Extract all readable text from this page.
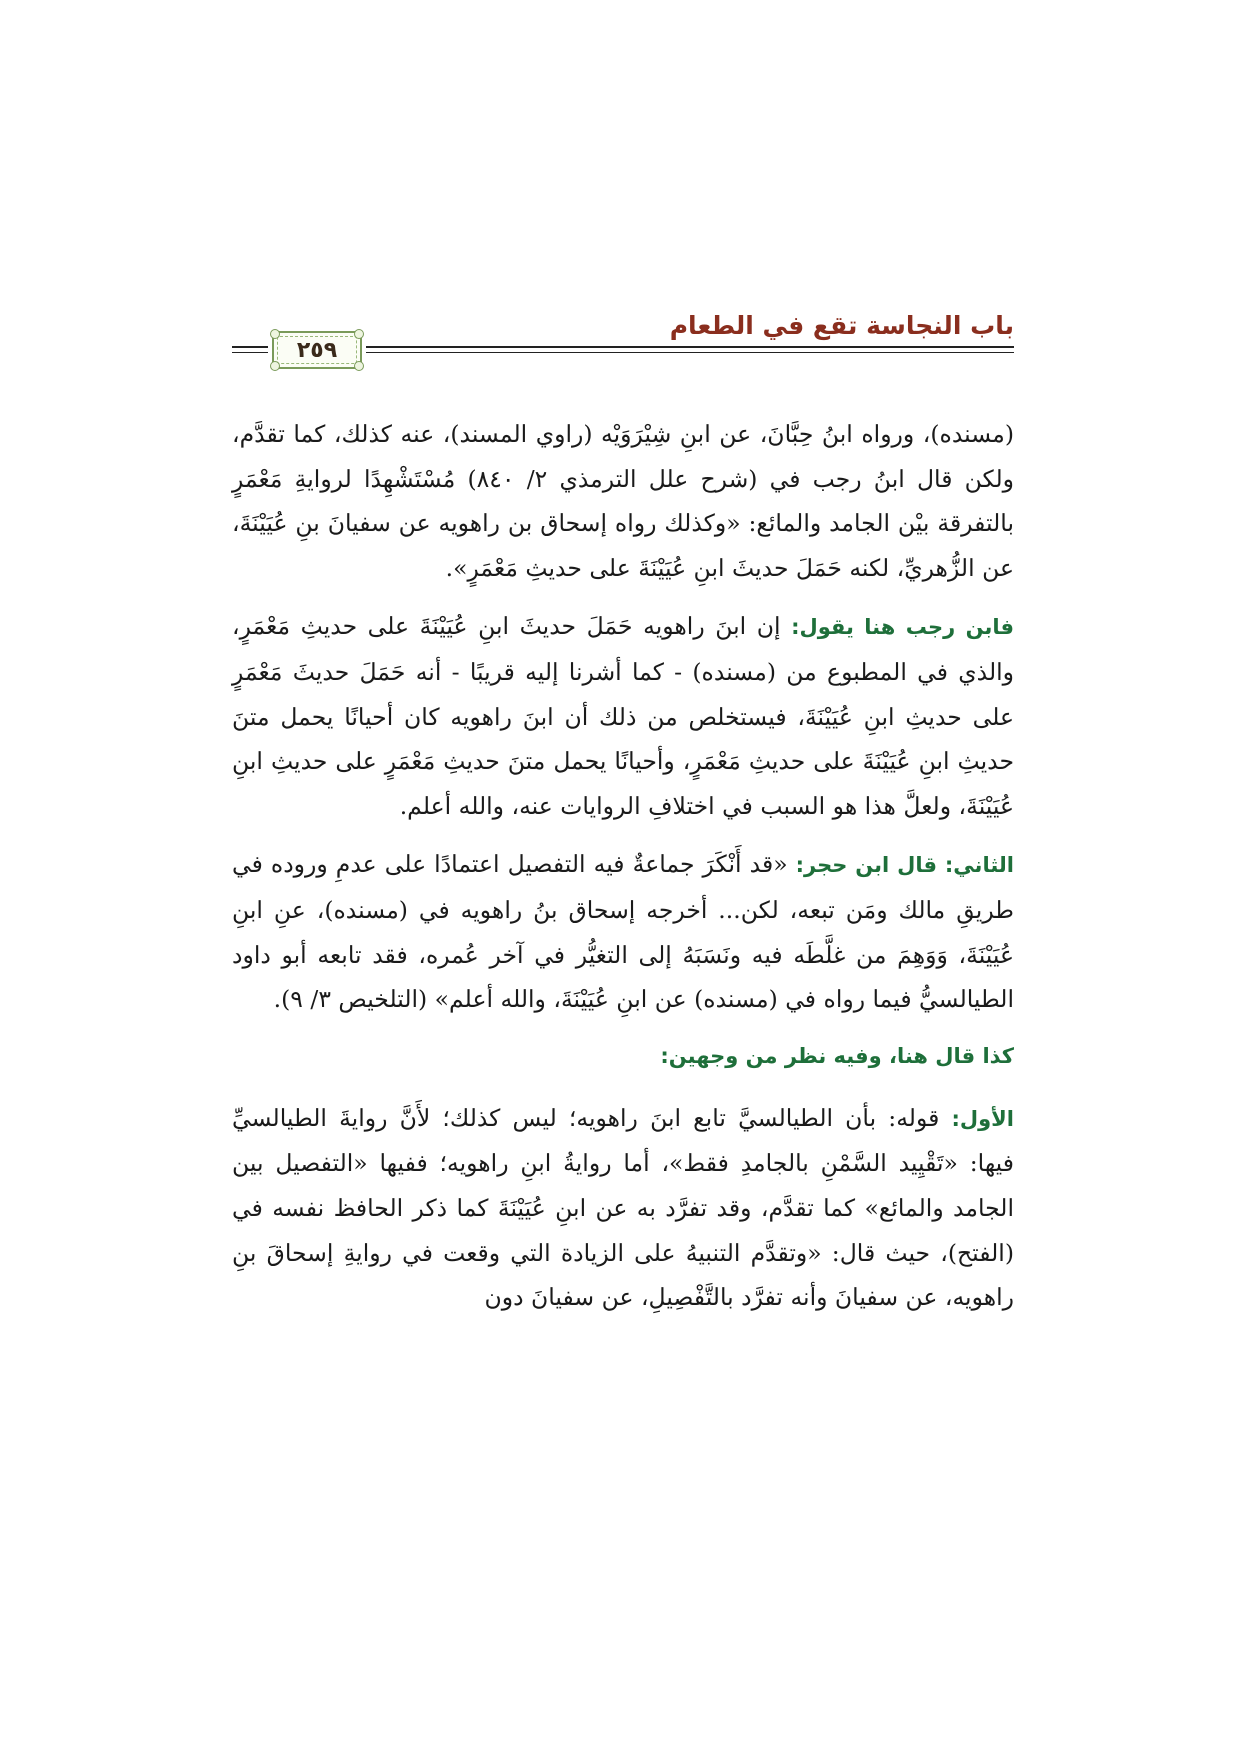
باب النجاسة تقع في الطعام
٢٥٩

(مسنده)، ورواه ابنُ حِبَّانَ، عن ابنِ شِيْرَوَيْه (راوي المسند)، عنه كذلك، كما تقدَّم، ولكن قال ابنُ رجب في (شرح علل الترمذي ٢/ ٨٤٠) مُسْتَشْهِدًا لروايةِ مَعْمَرٍ بالتفرقة بيْن الجامد والمائع: «وكذلك رواه إسحاق بن راهويه عن سفيانَ بنِ عُيَيْنَةَ، عن الزُّهريِّ، لكنه حَمَلَ حديثَ ابنِ عُيَيْنَةَ على حديثِ مَعْمَرٍ».

فابن رجب هنا يقول: إن ابنَ راهويه حَمَلَ حديثَ ابنِ عُيَيْنَةَ على حديثِ مَعْمَرٍ، والذي في المطبوع من (مسنده) - كما أشرنا إليه قريبًا - أنه حَمَلَ حديثَ مَعْمَرٍ على حديثِ ابنِ عُيَيْنَةَ، فيستخلص من ذلك أن ابنَ راهويه كان أحيانًا يحمل متنَ حديثِ ابنِ عُيَيْنَةَ على حديثِ مَعْمَرٍ، وأحيانًا يحمل متنَ حديثِ مَعْمَرٍ على حديثِ ابنِ عُيَيْنَةَ، ولعلَّ هذا هو السبب في اختلافِ الروايات عنه، والله أعلم.

الثاني: قال ابن حجر: «قد أَنْكَرَ جماعةٌ فيه التفصيل اعتمادًا على عدمِ وروده في طريقِ مالك ومَن تبعه، لكن... أخرجه إسحاق بنُ راهويه في (مسنده)، عنِ ابنِ عُيَيْنَةَ، وَوَهِمَ من غلَّطَه فيه ونَسَبَهُ إلى التغيُّر في آخر عُمره، فقد تابعه أبو داود الطيالسيُّ فيما رواه في (مسنده) عن ابنِ عُيَيْنَةَ، والله أعلم» (التلخيص ٣/ ٩).

كذا قال هنا، وفيه نظر من وجهين:

الأول: قوله: بأن الطيالسيَّ تابع ابنَ راهويه؛ ليس كذلك؛ لأَنَّ روايةَ الطيالسيِّ فيها: «تَقْيِيد السَّمْنِ بالجامدِ فقط»، أما روايةُ ابنِ راهويه؛ ففيها «التفصيل بين الجامد والمائع» كما تقدَّم، وقد تفرَّد به عن ابنِ عُيَيْنَةَ كما ذكر الحافظ نفسه في (الفتح)، حيث قال: «وتقدَّم التنبيهُ على الزيادة التي وقعت في روايةِ إسحاقَ بنِ راهويه، عن سفيانَ وأنه تفرَّد بالتَّفْصِيلِ، عن سفيانَ دون
